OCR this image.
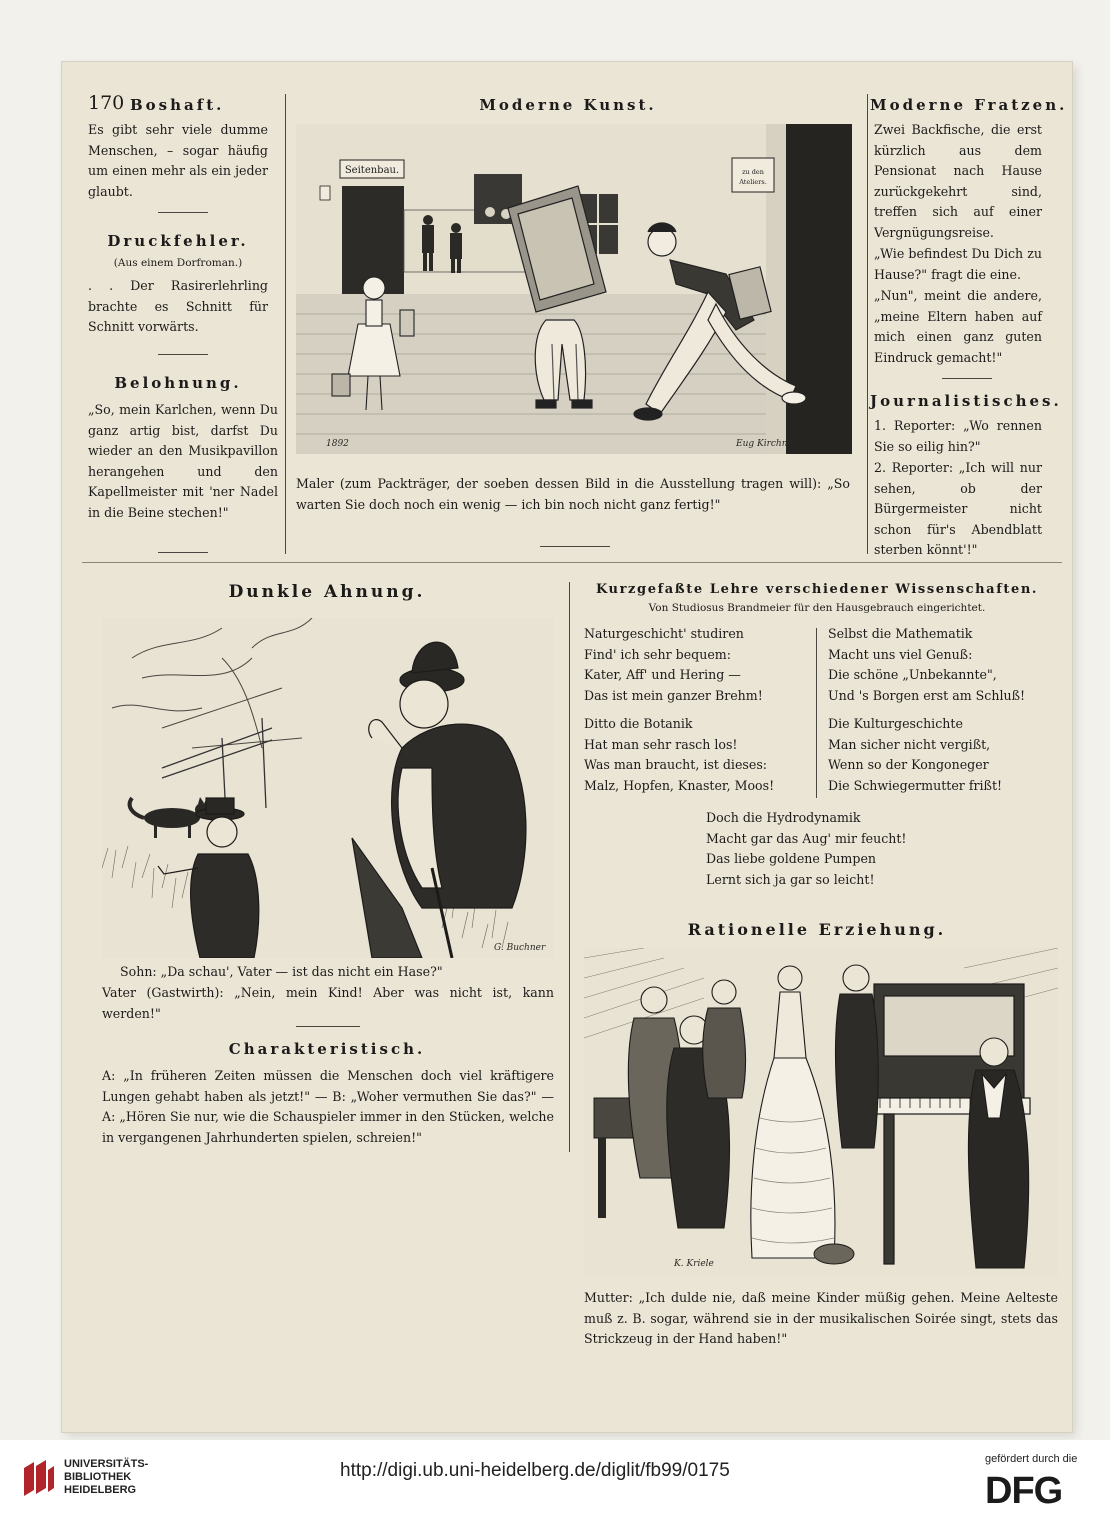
170 Boshaft.
Es gibt sehr viele dumme Menschen, – sogar häufig um einen mehr als ein jeder glaubt.
Druckfehler.
(Aus einem Dorfroman.)
. . Der Rasirerlehrling brachte es Schnitt für Schnitt vorwärts.
Belohnung.
„So, mein Karlchen, wenn Du ganz artig bist, darfst Du wieder an den Musikpavillon herangehen und den Kapellmeister mit 'ner Nadel in die Beine stechen!"
Moderne Kunst.
Seitenbau.	zu den
Ateliers.
Eug Kirchner
1892
Maler (zum Packträger, der soeben dessen Bild in die Ausstellung tragen will): „So warten Sie doch noch ein wenig — ich bin noch nicht ganz fertig!"
Moderne Fratzen.
Zwei Backfische, die erst kürzlich aus dem Pensionat nach Hause zurückgekehrt sind, treffen sich auf einer Vergnügungsreise.
„Wie befindest Du Dich zu Hause?" fragt die eine.
„Nun", meint die andere, „meine Eltern haben auf mich einen ganz guten Eindruck gemacht!"
Journalistisches.
1. Reporter: „Wo rennen Sie so eilig hin?"
2. Reporter: „Ich will nur sehen, ob der Bürgermeister nicht schon für's Abendblatt sterben könnt'!"
Dunkle Ahnung.
G. Buchner
Sohn: „Da schau', Vater — ist das nicht ein Hase?"
Vater (Gastwirth): „Nein, mein Kind! Aber was nicht ist, kann werden!"
Charakteristisch.
A: „In früheren Zeiten müssen die Menschen doch viel kräftigere Lungen gehabt haben als jetzt!" — B: „Woher vermuthen Sie das?" — A: „Hören Sie nur, wie die Schauspieler immer in den Stücken, welche in vergangenen Jahrhunderten spielen, schreien!"
Kurzgefaßte Lehre verschiedener Wissenschaften.
Von Studiosus Brandmeier für den Hausgebrauch eingerichtet.
Naturgeschicht' studiren
Find' ich sehr bequem:
Kater, Aff' und Hering —
Das ist mein ganzer Brehm!
Ditto die Botanik
Hat man sehr rasch los!
Was man braucht, ist dieses:
Malz, Hopfen, Knaster, Moos!
Selbst die Mathematik
Macht uns viel Genuß:
Die schöne „Unbekannte",
Und 's Borgen erst am Schluß!
Die Kulturgeschichte
Man sicher nicht vergißt,
Wenn so der Kongoneger
Die Schwiegermutter frißt!
Doch die Hydrodynamik
Macht gar das Aug' mir feucht!
Das liebe goldene Pumpen
Lernt sich ja gar so leicht!
Rationelle Erziehung.
K. Kriele
Mutter: „Ich dulde nie, daß meine Kinder müßig gehen. Meine Aelteste muß z. B. sogar, während sie in der musikalischen Soirée singt, stets das Strickzeug in der Hand haben!"
UNIVERSITÄTS-
BIBLIOTHEK
HEIDELBERG
http://digi.ub.uni-heidelberg.de/diglit/fb99/0175
gefördert durch die
DFG
